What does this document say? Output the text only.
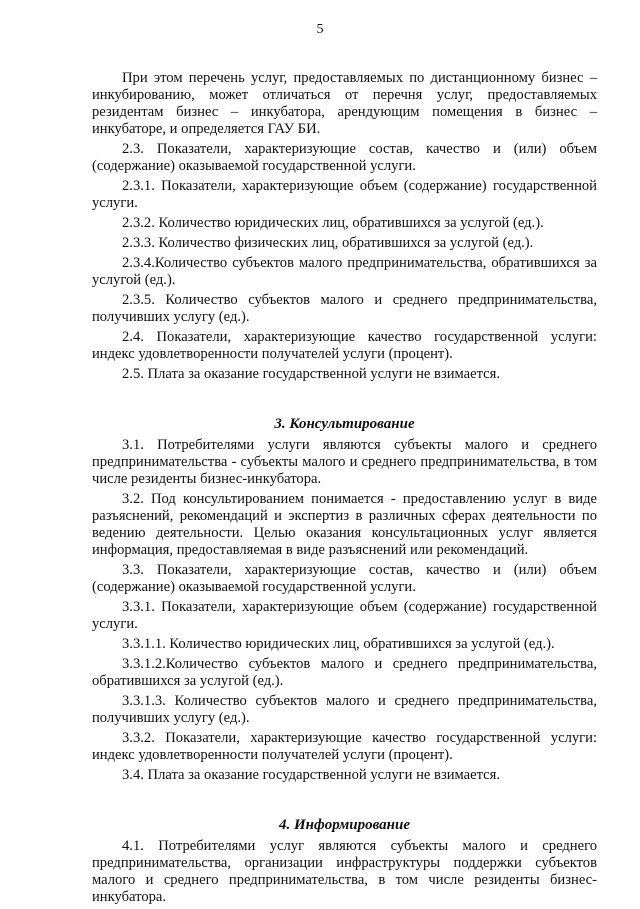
5

При этом перечень услуг, предоставляемых по дистанционному бизнес – инкубированию, может отличаться от перечня услуг, предоставляемых резидентам бизнес – инкубатора, арендующим помещения в бизнес – инкубаторе, и определяется ГАУ БИ.

2.3. Показатели, характеризующие состав, качество и (или) объем (содержание) оказываемой государственной услуги.

2.3.1. Показатели, характеризующие объем (содержание) государственной услуги.

2.3.2. Количество юридических лиц, обратившихся за услугой (ед.).

2.3.3. Количество физических лиц, обратившихся за услугой (ед.).

2.3.4.Количество субъектов малого предпринимательства, обратившихся за услугой (ед.).

2.3.5. Количество субъектов малого и среднего предпринимательства, получивших услугу (ед.).

2.4. Показатели, характеризующие качество государственной услуги: индекс удовлетворенности получателей услуги (процент).

2.5. Плата за оказание государственной услуги не взимается.

3. Консультирование

3.1. Потребителями услуги являются субъекты малого и среднего предпринимательства - субъекты малого и среднего предпринимательства, в том числе резиденты бизнес-инкубатора.

3.2. Под консультированием понимается - предоставлению услуг в виде разъяснений, рекомендаций и экспертиз в различных сферах деятельности по ведению деятельности. Целью оказания консультационных услуг является информация, предоставляемая в виде разъяснений или рекомендаций.

3.3. Показатели, характеризующие состав, качество и (или) объем (содержание) оказываемой государственной услуги.

3.3.1. Показатели, характеризующие объем (содержание) государственной услуги.

3.3.1.1. Количество юридических лиц, обратившихся за услугой (ед.).

3.3.1.2.Количество субъектов малого и среднего предпринимательства, обратившихся за услугой (ед.).

3.3.1.3. Количество субъектов малого и среднего предпринимательства, получивших услугу (ед.).

3.3.2. Показатели, характеризующие качество государственной услуги: индекс удовлетворенности получателей услуги (процент).

3.4. Плата за оказание государственной услуги не взимается.

4. Информирование

4.1. Потребителями услуг являются субъекты малого и среднего предпринимательства, организации инфраструктуры поддержки субъектов малого и среднего предпринимательства, в том числе резиденты бизнес-инкубатора.
